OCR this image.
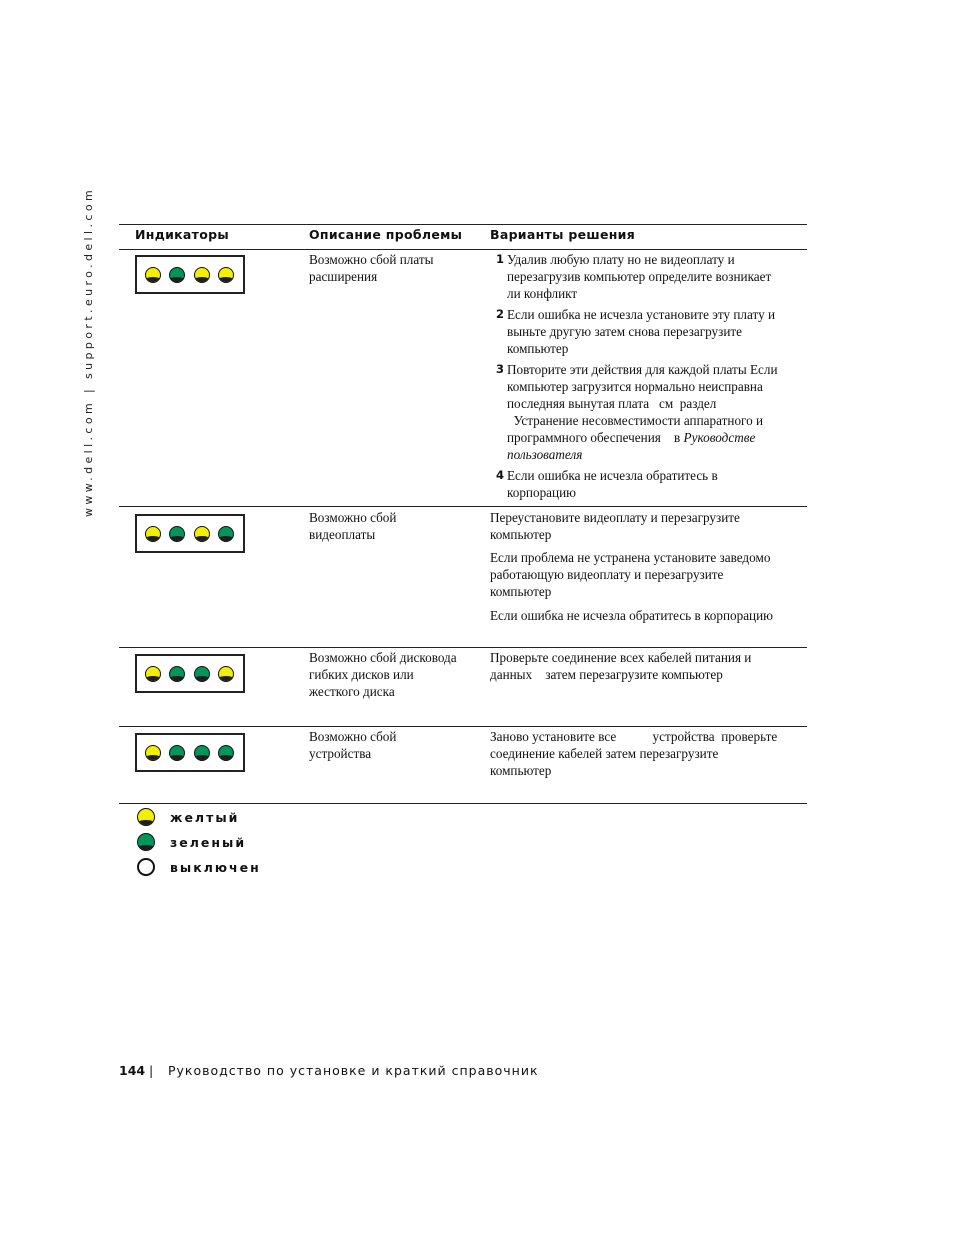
www.dell.com | support.euro.dell.com	Индикаторы	Описание проблемы Варианты решения
Возможно сбой платы
расширения
1 Удалив любую плату но не видеоплату и
перезагрузив компьютер определите возникает
ли конфликт
2 Если ошибка не исчезла установите эту плату и
выньте другую затем снова перезагрузите
компьютер
3 Повторите эти действия для каждой платы Если
компьютер загрузится нормально неисправна
последняя вынутая плата   см  раздел
Устранение несовместимости аппаратного и
программного обеспечения    в Руководстве
пользователя
4 Если ошибка не исчезла обратитесь в
корпорацию
Возможно сбой
видеоплаты
Переустановите видеоплату и перезагрузите
компьютер
Если проблема не устранена установите заведомо
работающую видеоплату и перезагрузите
компьютер
Если ошибка не исчезла обратитесь в корпорацию
Возможно сбой дисковода
гибких дисков или
жесткого диска
Проверьте соединение всех кабелей питания и
данных    затем перезагрузите компьютер
Возможно сбой
устройства
Заново установите все           устройства  проверьте
соединение кабелей затем перезагрузите
компьютер
желтый
зеленый
выключен
144 | Руководство по установке и краткий справочник
